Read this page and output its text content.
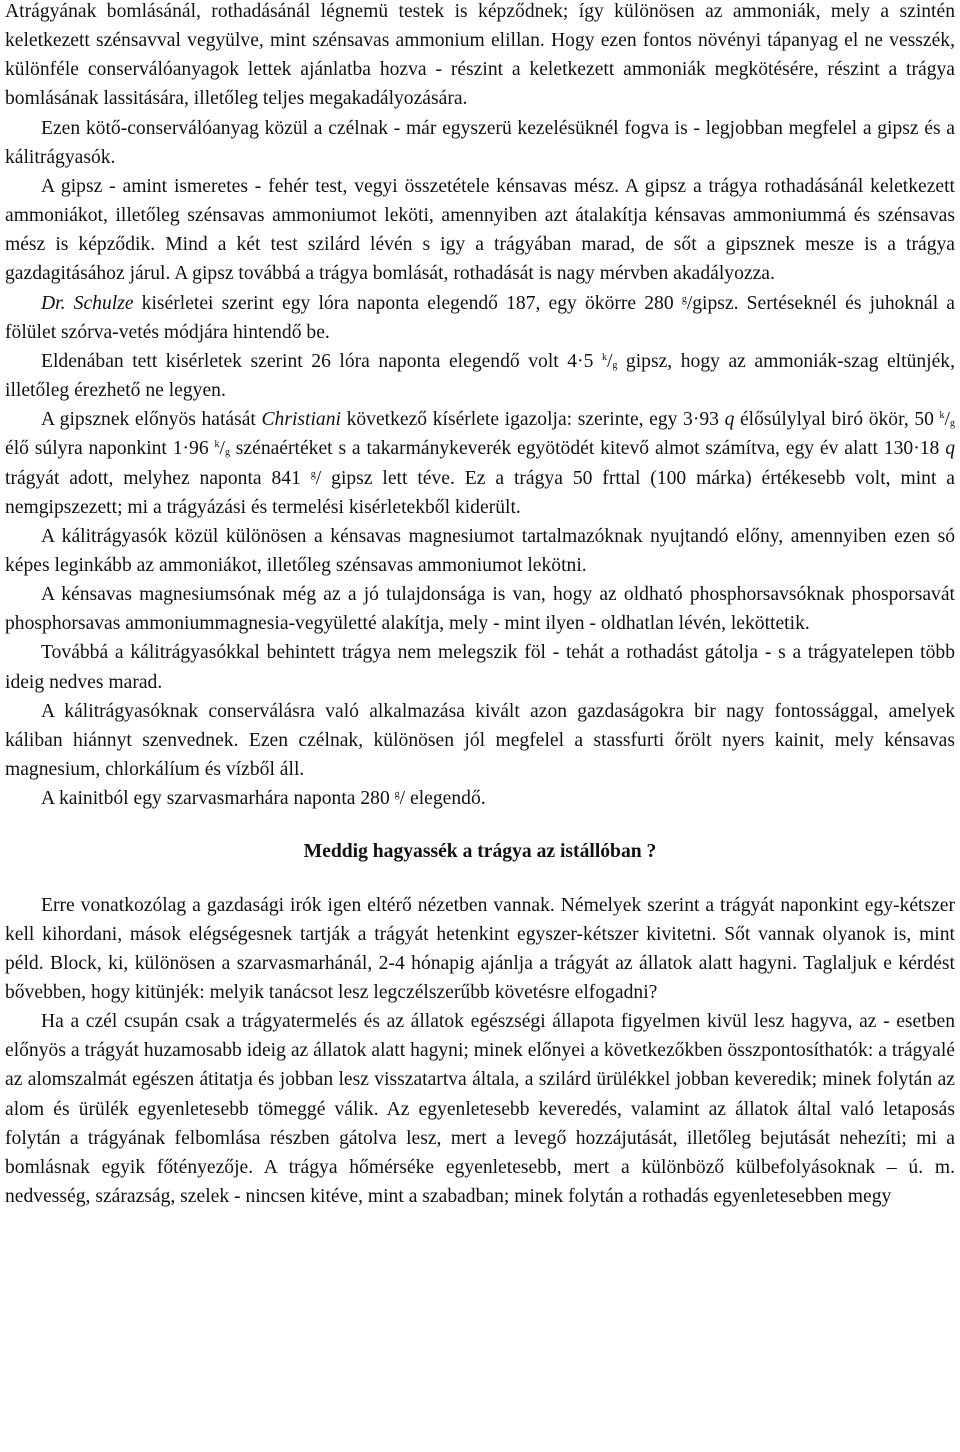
Atrágyának bomlásánál, rothadásánál légnemü testek is képződnek; így különösen az ammoniák, mely a szintén keletkezett szénsavval vegyülve, mint szénsavas ammonium elillan. Hogy ezen fontos növényi tápanyag el ne vesszék, különféle conserválóanyagok lettek ajánlatba hozva - részint a keletkezett ammoniák megkötésére, részint a trágya bomlásának lassitására, illetőleg teljes megakadályozására.

Ezen kötő-conserválóanyag közül a czélnak - már egyszerü kezelésüknél fogva is - legjobban megfelel a gipsz és a kálitrágyasók.

A gipsz - amint ismeretes - fehér test, vegyi összetétele kénsavas mész. A gipsz a trágya rothadásánál keletkezett ammoniákot, illetőleg szénsavas ammoniumot leköti, amennyiben azt átalakítja kénsavas ammoniummá és szénsavas mész is képződik. Mind a két test szilárd lévén s igy a trágyában marad, de sőt a gipsznek mesze is a trágya gazdagitásához járul. A gipsz továbbá a trágya bomlását, rothadását is nagy mérvben akadályozza.

Dr. Schulze kisérletei szerint egy lóra naponta elegendő 187, egy ökörre 280 $^g$/gipsz. Sertéseknél és juhoknál a fölület szórva-vetés módjára hintendő be.

Eldenában tett kisérletek szerint 26 lóra naponta elegendő volt 4·5 $^k/_g$ gipsz, hogy az ammoniák-szag eltünjék, illetőleg érezhető ne legyen.

A gipsznek előnyös hatását Christiani következő kísérlete igazolja: szerinte, egy 3·93 q élősúlylyal biró ökör, 50 $^k/_g$ élő súlyra naponkint 1·96 $^k/_g$ szénaértéket s a takarmánykeverék egyötödét kitevő almot számítva, egy év alatt 130·18 q trágyát adott, melyhez naponta 841 $^g$/ gipsz lett téve. Ez a trágya 50 frttal (100 márka) értékesebb volt, mint a nemgipszezett; mi a trágyázási és termelési kisérletekből kiderült.

A kálitrágyasók közül különösen a kénsavas magnesiumot tartalmazóknak nyujtandó előny, amennyiben ezen só képes leginkább az ammoniákot, illetőleg szénsavas ammoniumot lekötni.

A kénsavas magnesiumsónak még az a jó tulajdonsága is van, hogy az oldható phosphorsavsóknak phosporsavát phosphorsavas ammoniummagnesia-vegyületté alakítja, mely - mint ilyen - oldhatlan lévén, leköttetik.

Továbbá a kálitrágyasókkal behintett trágya nem melegszik föl - tehát a rothadást gátolja - s a trágyatelepen több ideig nedves marad.

A kálitrágyasóknak conserválásra való alkalmazása kivált azon gazdaságokra bir nagy fontossággal, amelyek káliban hiánnyt szenvednek. Ezen czélnak, különösen jól megfelel a stassfurti őrölt nyers kainit, mely kénsavas magnesium, chlorkálíum és vízből áll.

A kainitból egy szarvasmarhára naponta 280 $^g$/ elegendő.

Meddig hagyassék a trágya az istállóban ?

Erre vonatkozólag a gazdasági irók igen eltérő nézetben vannak. Némelyek szerint a trágyát naponkint egy-kétszer kell kihordani, mások elégségesnek tartják a trágyát hetenkint egyszer-kétszer kivitetni. Sőt vannak olyanok is, mint péld. Block, ki, különösen a szarvasmarhánál, 2-4 hónapig ajánlja a trágyát az állatok alatt hagyni. Taglaljuk e kérdést bővebben, hogy kitünjék: melyik tanácsot lesz legczélszerűbb követésre elfogadni?

Ha a czél csupán csak a trágyatermelés és az állatok egészségi állapota figyelmen kivül lesz hagyva, az - esetben előnyös a trágyát huzamosabb ideig az állatok alatt hagyni; minek előnyei a következőkben összpontosíthatók: a trágyalé az alomszalmát egészen átitatja és jobban lesz visszatartva általa, a szilárd ürülékkel jobban keveredik; minek folytán az alom és ürülék egyenletesebb tömeggé válik. Az egyenletesebb keveredés, valamint az állatok által való letaposás folytán a trágyának felbomlása részben gátolva lesz, mert a levegő hozzájutását, illetőleg bejutását nehezíti; mi a bomlásnak egyik főtényezője. A trágya hőmérséke egyenletesebb, mert a különböző külbefolyásoknak – ú. m. nedvesség, szárazság, szelek - nincsen kitéve, mint a szabadban; minek folytán a rothadás egyenletesebben megy
